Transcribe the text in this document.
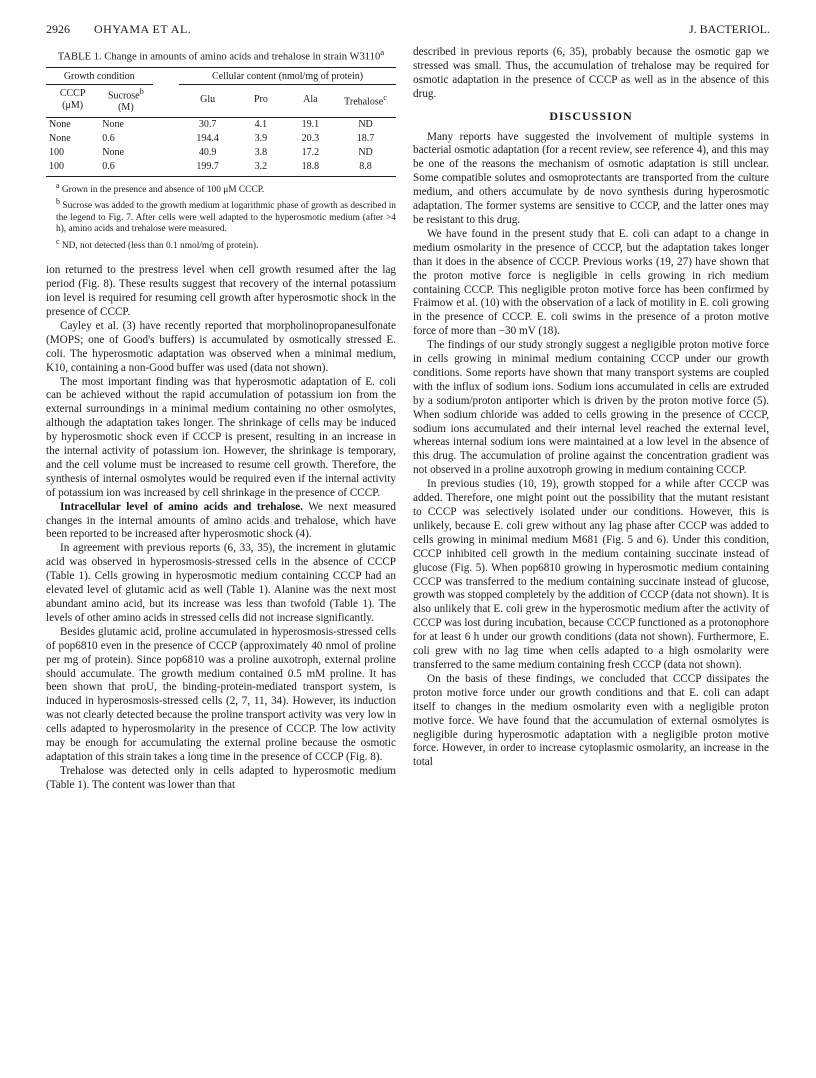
2926 OHYAMA ET AL.	J. BACTERIOL.
TABLE 1. Change in amounts of amino acids and trehalose in strain W3110$^a$
Growth condition			Cellular content (nmol/mg of protein)			
CCCP (μM)	Sucrose$^b$
(M)		Glu	Pro	Ala	Trehalose$^c$
None	None		30.7	4.1	19.1	ND
None	0.6		194.4	3.9	20.3	18.7
100	None		40.9	3.8	17.2	ND
100	0.6		199.7	3.2	18.8	8.8
$^a$ Grown in the presence and absence of 100 μM CCCP.
$^b$ Sucrose was added to the growth medium at logarithmic phase of growth as described in the legend to Fig. 7. After cells were well adapted to the hyperosmotic medium (after >4 h), amino acids and trehalose were measured.
$^c$ ND, not detected (less than 0.1 nmol/mg of protein).

ion returned to the prestress level when cell growth resumed after the lag period (Fig. 8). These results suggest that recovery of the internal potassium ion level is required for resuming cell growth after hyperosmotic shock in the presence of CCCP.

Cayley et al. (3) have recently reported that morpholinopropanesulfonate (MOPS; one of Good's buffers) is accumulated by osmotically stressed E. coli. The hyperosmotic adaptation was observed when a minimal medium, K10, containing a non-Good buffer was used (data not shown).

The most important finding was that hyperosmotic adaptation of E. coli can be achieved without the rapid accumulation of potassium ion from the external surroundings in a minimal medium containing no other osmolytes, although the adaptation takes longer. The shrinkage of cells may be induced by hyperosmotic shock even if CCCP is present, resulting in an increase in the internal activity of potassium ion. However, the shrinkage is temporary, and the cell volume must be increased to resume cell growth. Therefore, the synthesis of internal osmolytes would be required even if the internal activity of potassium ion was increased by cell shrinkage in the presence of CCCP.

Intracellular level of amino acids and trehalose. We next measured changes in the internal amounts of amino acids and trehalose, which have been reported to be increased after hyperosmotic shock (4).

In agreement with previous reports (6, 33, 35), the increment in glutamic acid was observed in hyperosmosis-stressed cells in the absence of CCCP (Table 1). Cells growing in hyperosmotic medium containing CCCP had an elevated level of glutamic acid as well (Table 1). Alanine was the next most abundant amino acid, but its increase was less than twofold (Table 1). The levels of other amino acids in stressed cells did not increase significantly.

Besides glutamic acid, proline accumulated in hyperosmosis-stressed cells of pop6810 even in the presence of CCCP (approximately 40 nmol of proline per mg of protein). Since pop6810 was a proline auxotroph, external proline should accumulate. The growth medium contained 0.5 mM proline. It has been shown that proU, the binding-protein-mediated transport system, is induced in hyperosmosis-stressed cells (2, 7, 11, 34). However, its induction was not clearly detected because the proline transport activity was very low in cells adapted to hyperosmolarity in the presence of CCCP. The low activity may be enough for accumulating the external proline because the osmotic adaptation of this strain takes a long time in the presence of CCCP (Fig. 8).

Trehalose was detected only in cells adapted to hyperosmotic medium (Table 1). The content was lower than that

described in previous reports (6, 35), probably because the osmotic gap we stressed was small. Thus, the accumulation of trehalose may be required for osmotic adaptation in the presence of CCCP as well as in the absence of this drug.

DISCUSSION

Many reports have suggested the involvement of multiple systems in bacterial osmotic adaptation (for a recent review, see reference 4), and this may be one of the reasons the mechanism of osmotic adaptation is still unclear. Some compatible solutes and osmoprotectants are transported from the culture medium, and others accumulate by de novo synthesis during hyperosmotic adaptation. The former systems are sensitive to CCCP, and the latter ones may be resistant to this drug.

We have found in the present study that E. coli can adapt to a change in medium osmolarity in the presence of CCCP, but the adaptation takes longer than it does in the absence of CCCP. Previous works (19, 27) have shown that the proton motive force is negligible in cells growing in rich medium containing CCCP. This negligible proton motive force has been confirmed by Fraimow et al. (10) with the observation of a lack of motility in E. coli growing in the presence of CCCP. E. coli swims in the presence of a proton motive force of more than −30 mV (18).

The findings of our study strongly suggest a negligible proton motive force in cells growing in minimal medium containing CCCP under our growth conditions. Some reports have shown that many transport systems are coupled with the influx of sodium ions. Sodium ions accumulated in cells are extruded by a sodium/proton antiporter which is driven by the proton motive force (5). When sodium chloride was added to cells growing in the presence of CCCP, sodium ions accumulated and their internal level reached the external level, whereas internal sodium ions were maintained at a low level in the absence of this drug. The accumulation of proline against the concentration gradient was not observed in a proline auxotroph growing in medium containing CCCP.

In previous studies (10, 19), growth stopped for a while after CCCP was added. Therefore, one might point out the possibility that the mutant resistant to CCCP was selectively isolated under our conditions. However, this is unlikely, because E. coli grew without any lag phase after CCCP was added to cells growing in minimal medium M681 (Fig. 5 and 6). Under this condition, CCCP inhibited cell growth in the medium containing succinate instead of glucose (Fig. 5). When pop6810 growing in hyperosmotic medium containing CCCP was transferred to the medium containing succinate instead of glucose, growth was stopped completely by the addition of CCCP (data not shown). It is also unlikely that E. coli grew in the hyperosmotic medium after the activity of CCCP was lost during incubation, because CCCP functioned as a protonophore for at least 6 h under our growth conditions (data not shown). Furthermore, E. coli grew with no lag time when cells adapted to a high osmolarity were transferred to the same medium containing fresh CCCP (data not shown).

On the basis of these findings, we concluded that CCCP dissipates the proton motive force under our growth conditions and that E. coli can adapt itself to changes in the medium osmolarity even with a negligible proton motive force. We have found that the accumulation of external osmolytes is negligible during hyperosmotic adaptation with a negligible proton motive force. However, in order to increase cytoplasmic osmolarity, an increase in the total
